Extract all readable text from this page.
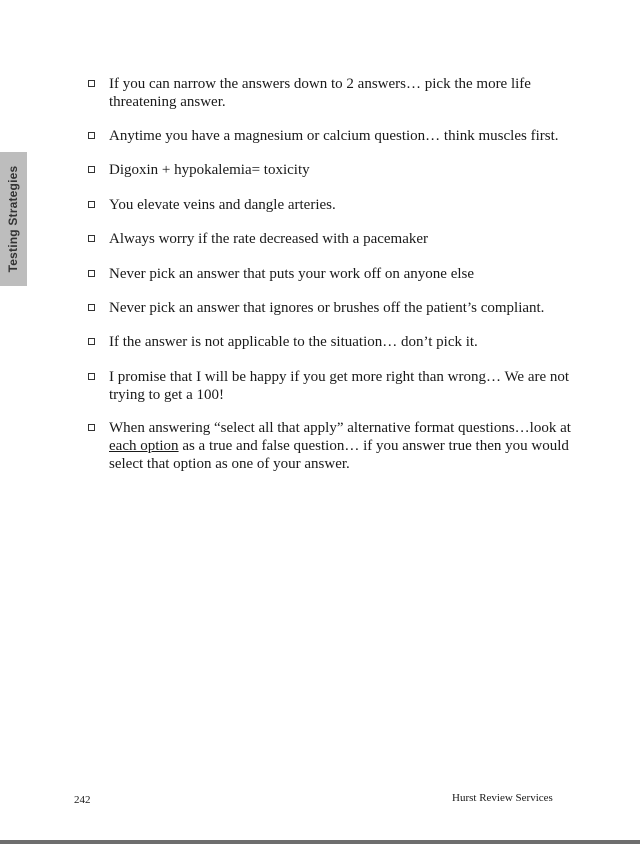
Testing Strategies
If you can narrow the answers down to 2 answers… pick the more life threatening answer.
Anytime you have a magnesium or calcium question… think muscles first.
Digoxin + hypokalemia= toxicity
You elevate veins and dangle arteries.
Always worry if the rate decreased with a pacemaker
Never pick an answer that puts your work off on anyone else
Never pick an answer that ignores or brushes off the patient’s compliant.
If the answer is not applicable to the situation… don’t pick it.
I promise that I will be happy if you get more right than wrong… We are not trying to get a 100!
When answering “select all that apply” alternative format questions…look at each option as a true and false question… if you answer true then you would select that option as one of your answer.
242	Hurst Review Services
